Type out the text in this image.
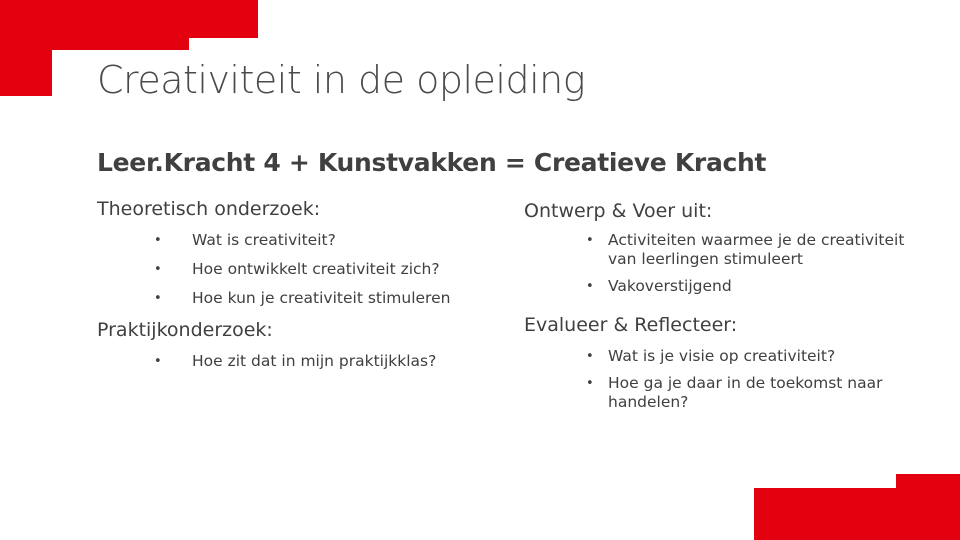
Creativiteit in de opleiding
Leer.Kracht 4 + Kunstvakken = Creatieve Kracht
Theoretisch onderzoek:
• Wat is creativiteit?
• Hoe ontwikkelt creativiteit zich?
• Hoe kun je creativiteit stimuleren
Praktijkonderzoek:
• Hoe zit dat in mijn praktijkklas?
Ontwerp & Voer uit:
• Activiteiten waarmee je de creativiteit van leerlingen stimuleert
• Vakoverstijgend
Evalueer & Reflecteer:
• Wat is je visie op creativiteit?
• Hoe ga je daar in de toekomst naar handelen?
